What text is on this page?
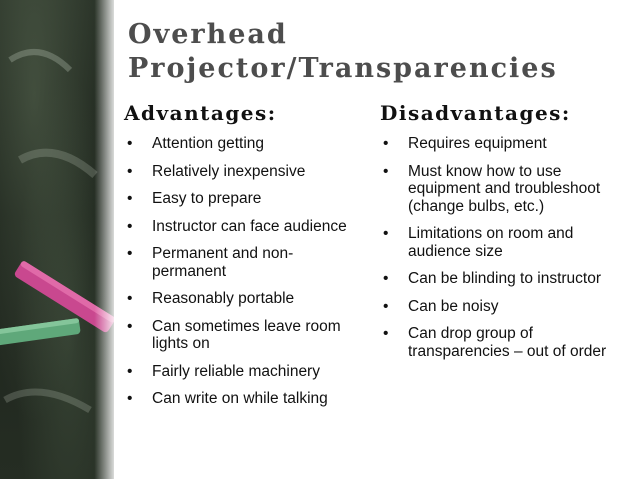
Overhead Projector/Transparencies
Advantages:
• Attention getting
• Relatively inexpensive
• Easy to prepare
• Instructor can face audience
• Permanent and non-permanent
• Reasonably portable
• Can sometimes leave room lights on
• Fairly reliable machinery
• Can write on while talking
Disadvantages:
• Requires equipment
• Must know how to use equipment and troubleshoot (change bulbs, etc.)
• Limitations on room and audience size
• Can be blinding to instructor
• Can be noisy
• Can drop group of transparencies – out of order
